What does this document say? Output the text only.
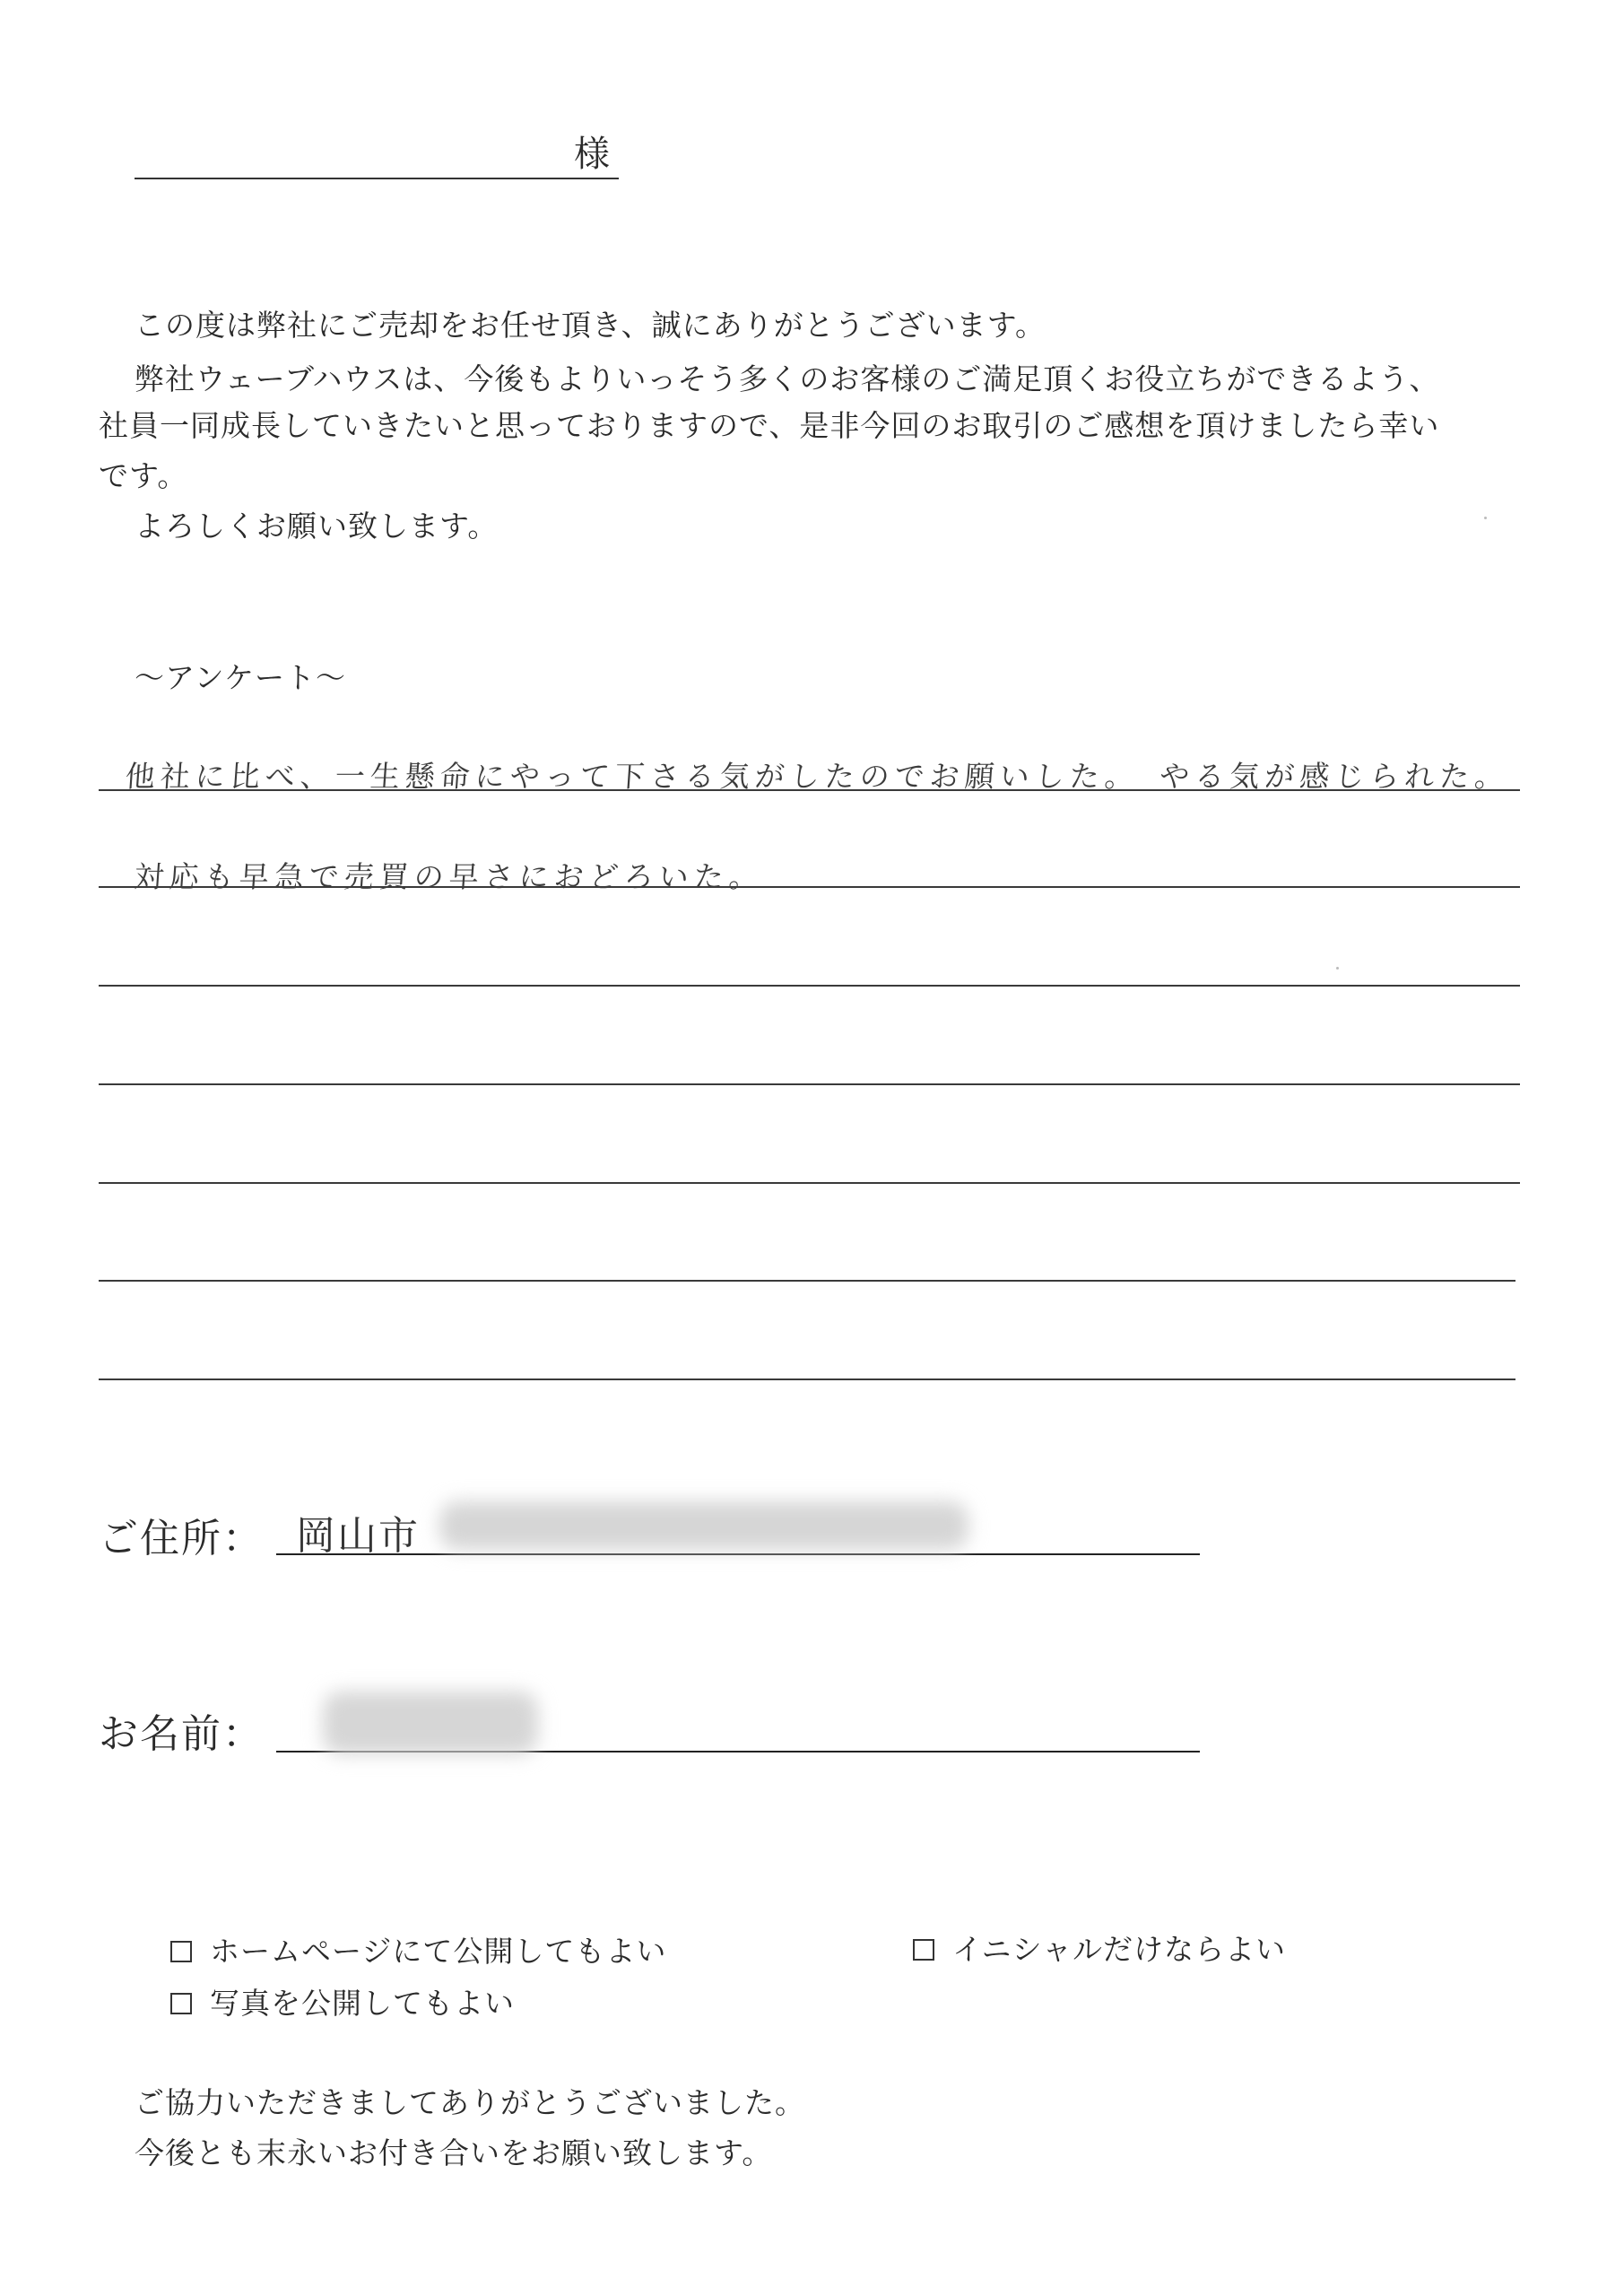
様
この度は弊社にご売却をお任せ頂き、誠にありがとうございます。
弊社ウェーブハウスは、今後もよりいっそう多くのお客様のご満足頂くお役立ちができるよう、
社員一同成長していきたいと思っておりますので、是非今回のお取引のご感想を頂けましたら幸い
です。
よろしくお願い致します。
～アンケート～
他社に比べ、一生懸命にやって下さる気がしたのでお願いした。　やる気が感じられた。
対応も早急で売買の早さにおどろいた。
ご住所： 岡山市
お名前：
ホームページにて公開してもよい	イニシャルだけならよい
写真を公開してもよい
ご協力いただきましてありがとうございました。
今後とも末永いお付き合いをお願い致します。
